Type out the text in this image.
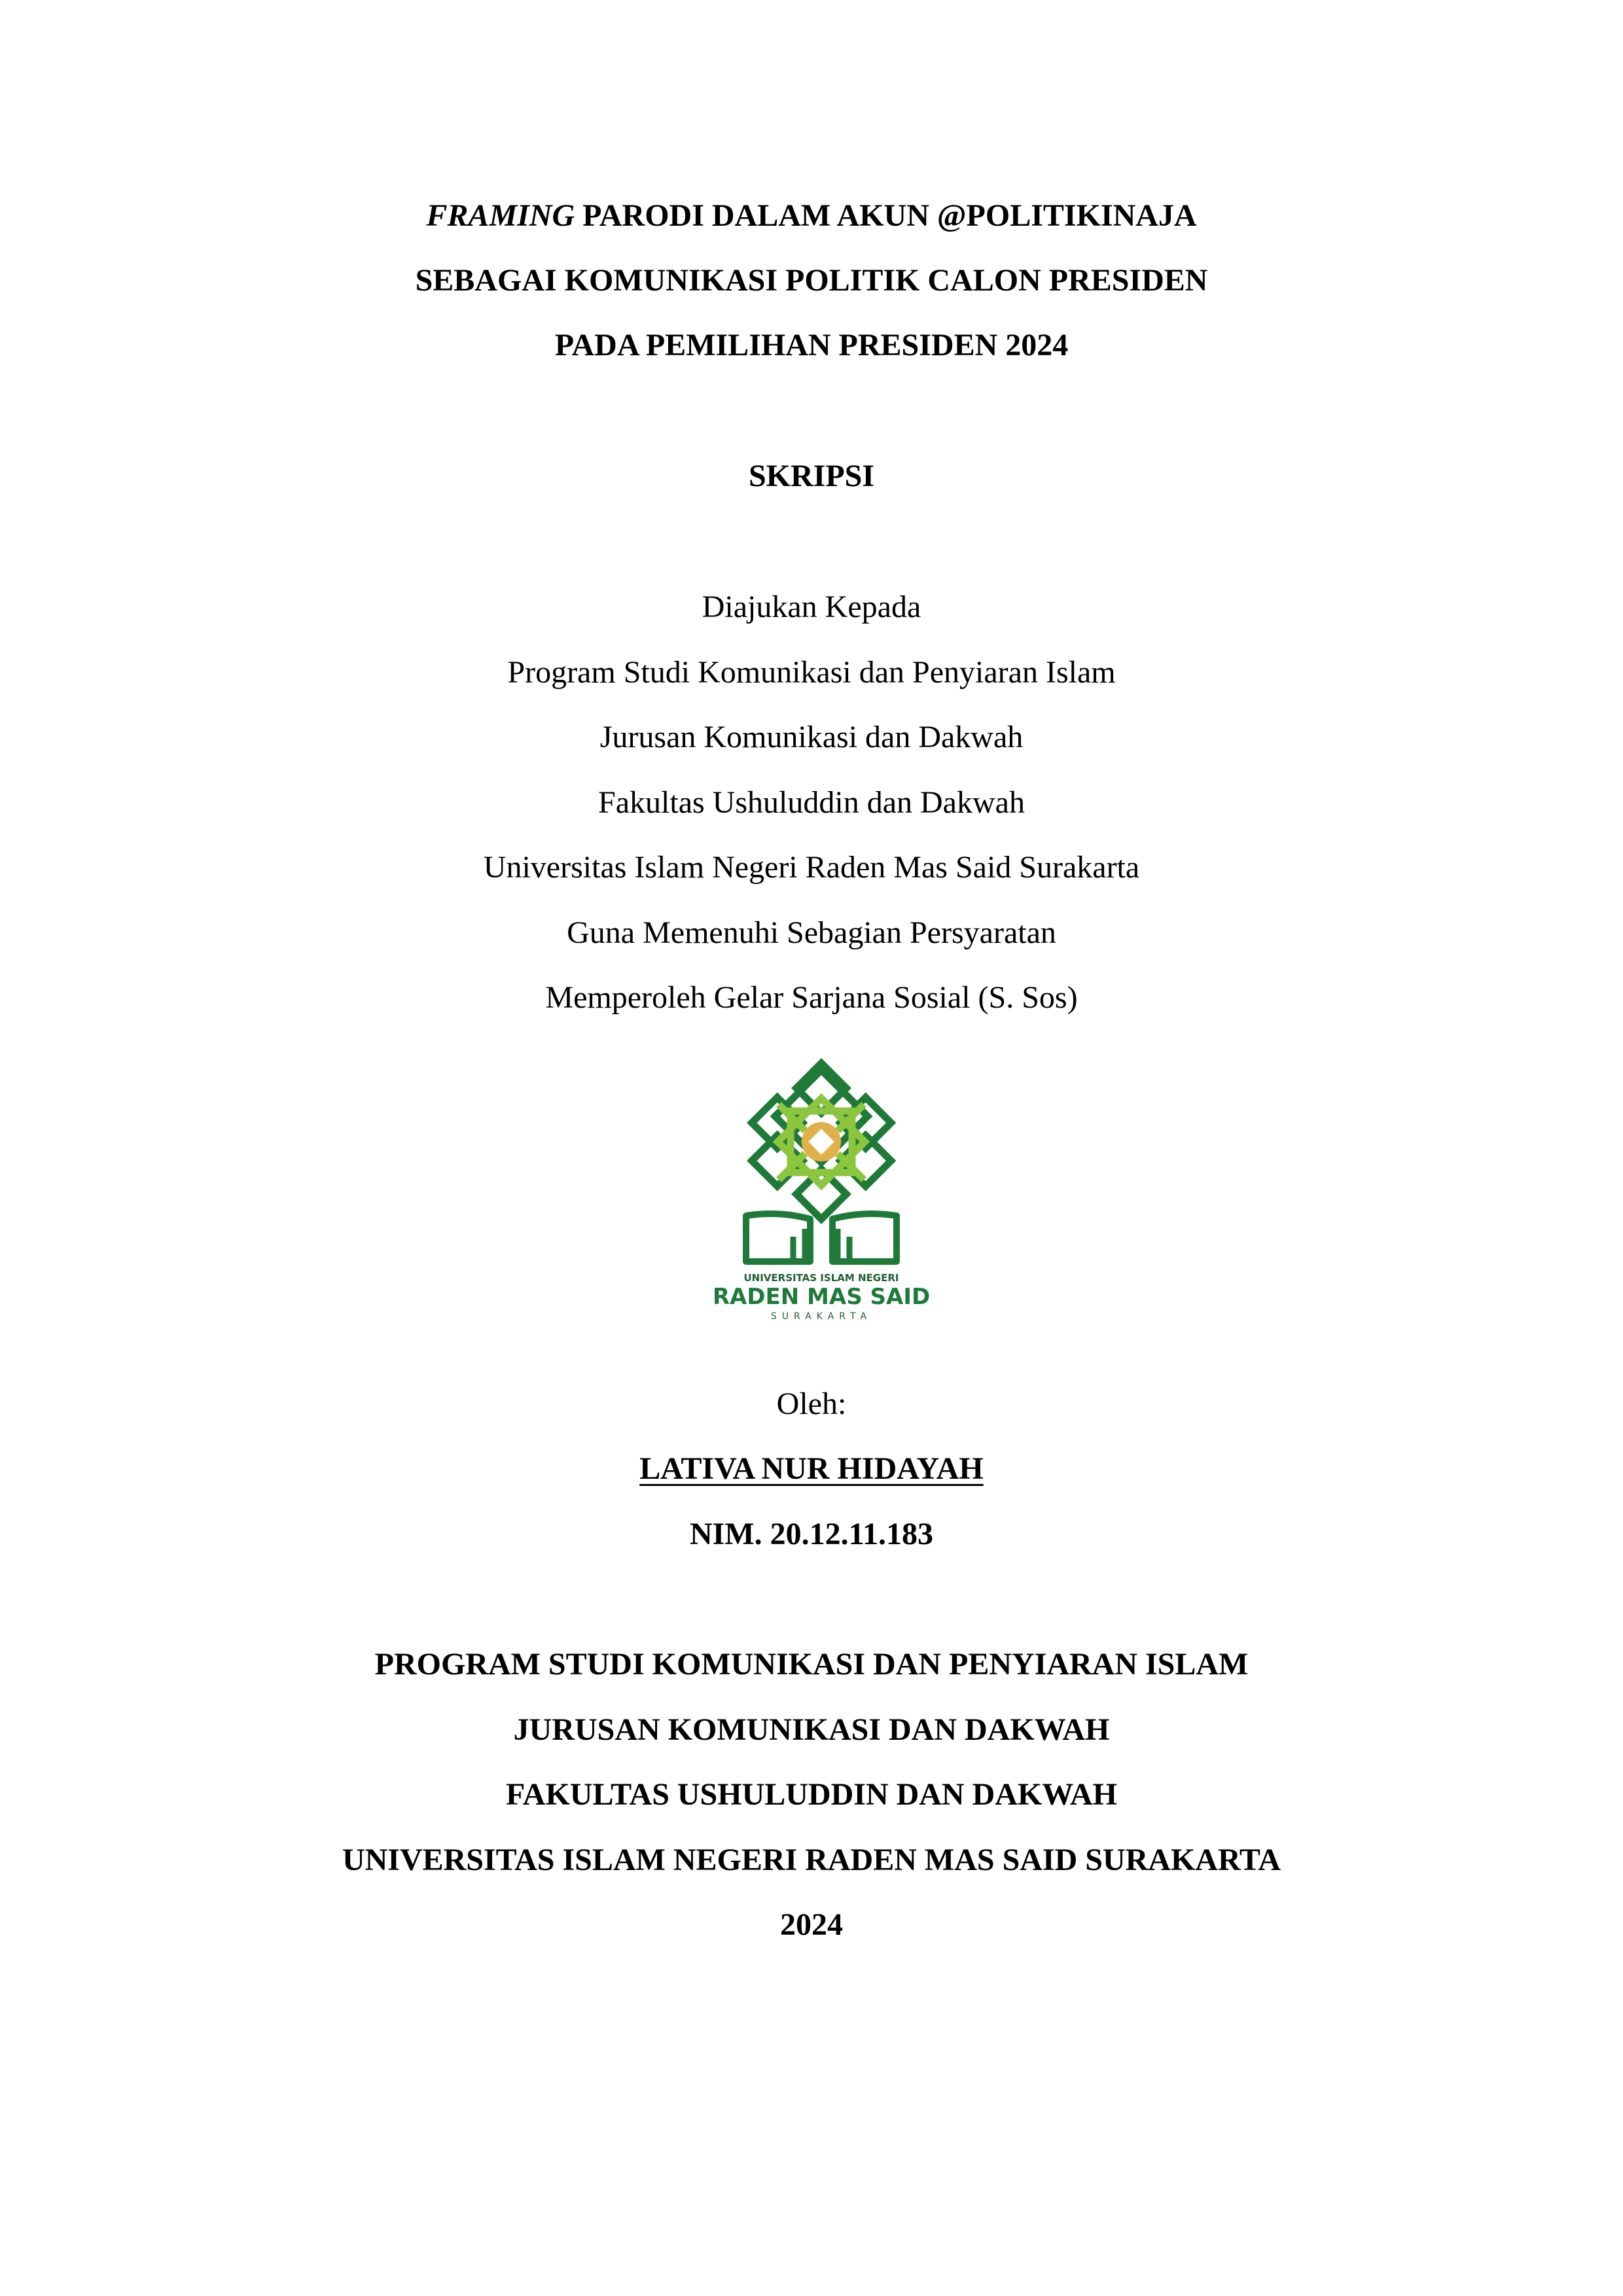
FRAMING PARODI DALAM AKUN @POLITIKINAJA
SEBAGAI KOMUNIKASI POLITIK CALON PRESIDEN
PADA PEMILIHAN PRESIDEN 2024
SKRIPSI
Diajukan Kepada
Program Studi Komunikasi dan Penyiaran Islam
Jurusan Komunikasi dan Dakwah
Fakultas Ushuluddin dan Dakwah
Universitas Islam Negeri Raden Mas Said Surakarta
Guna Memenuhi Sebagian Persyaratan
Memperoleh Gelar Sarjana Sosial (S. Sos)
UNIVERSITAS ISLAM NEGERI
RADEN MAS SAID
SURAKARTA
Oleh:
LATIVA NUR HIDAYAH
NIM. 20.12.11.183
PROGRAM STUDI KOMUNIKASI DAN PENYIARAN ISLAM
JURUSAN KOMUNIKASI DAN DAKWAH
FAKULTAS USHULUDDIN DAN DAKWAH
UNIVERSITAS ISLAM NEGERI RADEN MAS SAID SURAKARTA
2024
